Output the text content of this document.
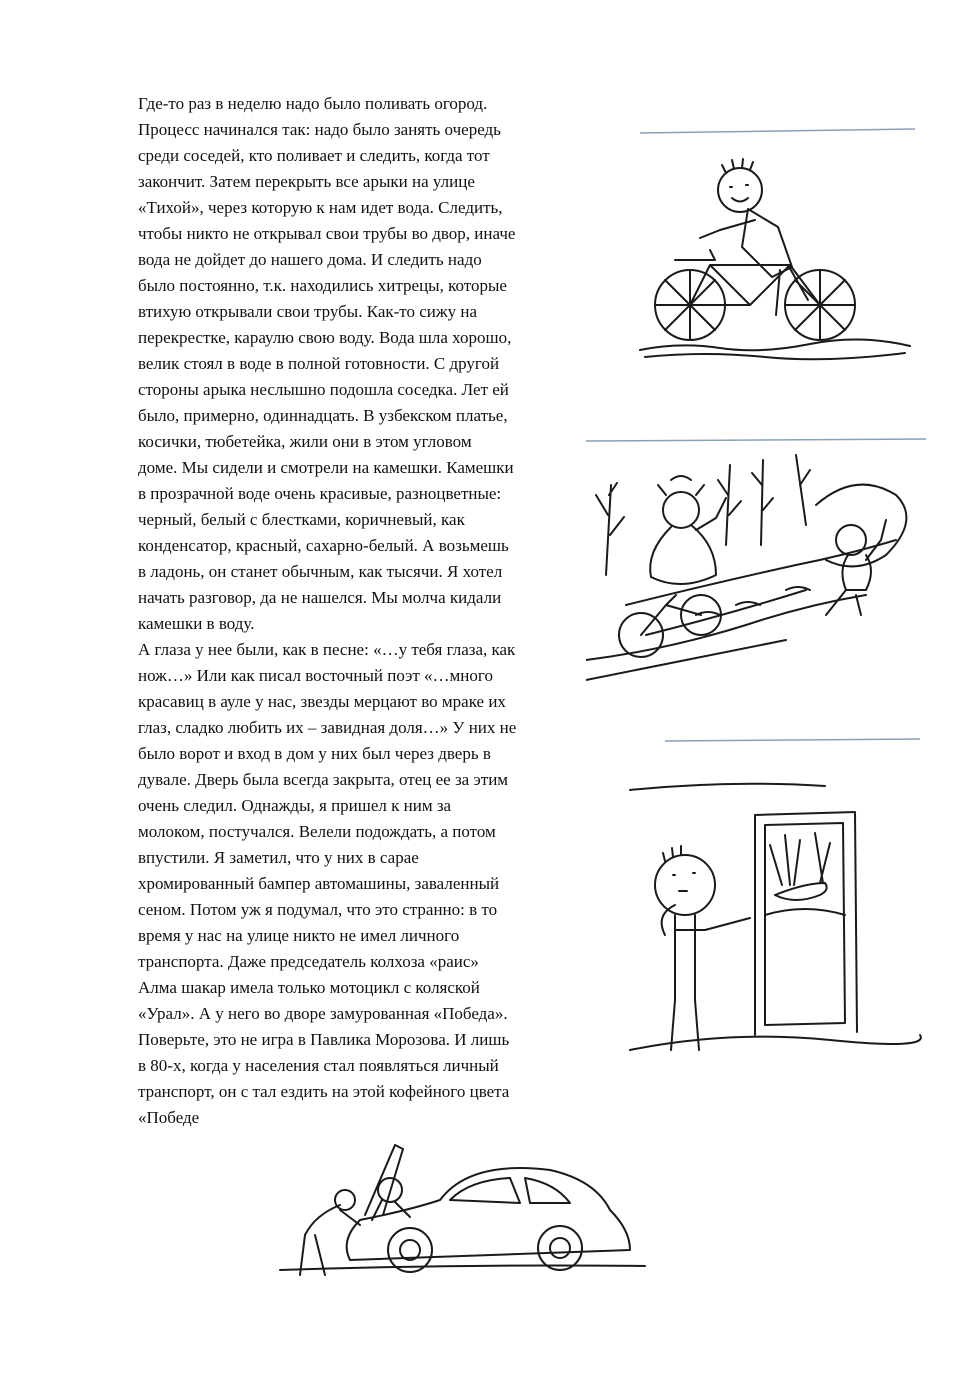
Где-то раз в неделю надо было поливать огород.
Процесс начинался так: надо было занять очередь
среди соседей, кто поливает и следить, когда тот
закончит. Затем перекрыть все арыки на улице
«Тихой», через которую к нам идет вода. Следить,
чтобы никто не открывал свои трубы во двор, иначе
вода не дойдет до нашего дома. И следить надо
было постоянно, т.к. находились хитрецы, которые
втихую открывали свои трубы. Как-то сижу на
перекрестке, караулю свою воду. Вода шла хорошо,
велик стоял в воде в полной готовности. С другой
стороны арыка неслышно подошла соседка. Лет ей
было, примерно, одиннадцать. В узбекском платье,
косички, тюбетейка, жили они в этом угловом
доме. Мы сидели и смотрели на камешки. Камешки
в прозрачной воде очень красивые, разноцветные:
черный, белый с блестками, коричневый, как
конденсатор, красный, сахарно-белый. А возьмешь
в ладонь, он станет обычным, как тысячи. Я хотел
начать разговор, да не нашелся. Мы молча кидали
камешки в воду.
А глаза у нее были, как в песне: «…у тебя глаза, как
нож…» Или как писал восточный поэт «…много
красавиц в ауле у нас, звезды мерцают во мраке их
глаз, сладко любить их – завидная доля…» У них не
было ворот и вход в дом у них был через дверь в
дувале. Дверь была всегда закрыта, отец ее за этим
очень следил. Однажды, я пришел к ним за
молоком, постучался. Велели подождать, а потом
впустили. Я заметил, что у них в сарае
хромированный бампер автомашины, заваленный
сеном. Потом уж я подумал, что это странно: в то
время у нас на улице никто не имел личного
транспорта. Даже председатель колхоза «раис»
Алма шакар имела только мотоцикл с коляской
«Урал». А у него во дворе замурованная «Победа».
Поверьте, это не игра в Павлика Морозова. И лишь
в 80-х, когда у населения стал появляться личный
транспорт, он с тал ездить на этой кофейного цвета
«Победе
